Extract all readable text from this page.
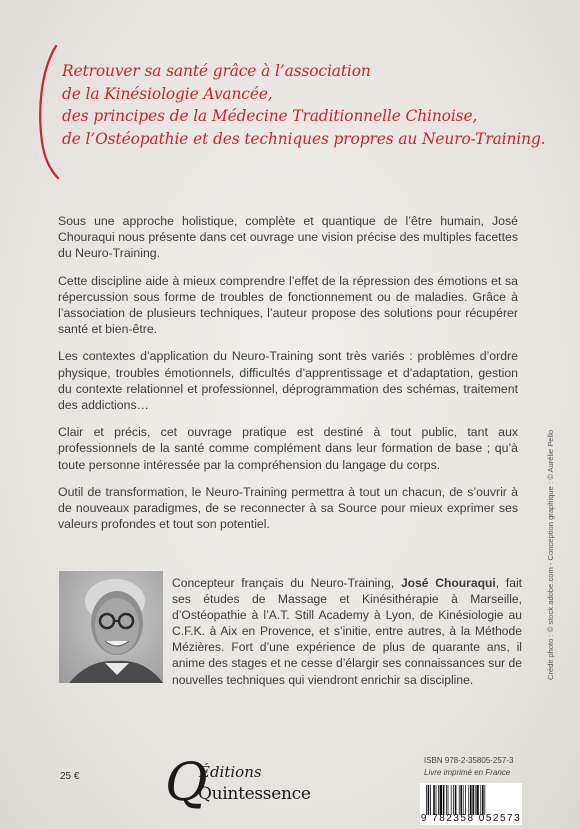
Retrouver sa santé grâce à l’association
de la Kinésiologie Avancée,
des principes de la Médecine Traditionnelle Chinoise,
de l’Ostéopathie et des techniques propres au Neuro-Training.

Sous une approche holistique, complète et quantique de l’être humain, José Chouraqui nous présente dans cet ouvrage une vision précise des multiples facettes du Neuro-Training.

Cette discipline aide à mieux comprendre l’effet de la répression des émotions et sa répercussion sous forme de troubles de fonctionnement ou de maladies. Grâce à l’association de plusieurs techniques, l’auteur propose des solutions pour récupérer santé et bien-être.

Les contextes d’application du Neuro-Training sont très variés : problèmes d’ordre physique, troubles émotionnels, difficultés d’apprentissage et d’adaptation, gestion du contexte relationnel et professionnel, déprogrammation des schémas, traitement des addictions…

Clair et précis, cet ouvrage pratique est destiné à tout public, tant aux professionnels de la santé comme complément dans leur formation de base ; qu’à toute personne intéressée par la compréhension du langage du corps.

Outil de transformation, le Neuro-Training permettra à tout un chacun, de s’ouvrir à de nouveaux paradigmes, de se reconnecter à sa Source pour mieux exprimer ses valeurs profondes et tout son potentiel.

Concepteur français du Neuro-Training, José Chouraqui, fait ses études de Massage et Kinésithérapie à Marseille, d’Ostéopathie à l’A.T. Still Academy à Lyon, de Kinésiologie au C.F.K. à Aix en Provence, et s’initie, entre autres, à la Méthode Mézières. Fort d’une expérience de plus de quarante ans, il anime des stages et ne cesse d’élargir ses connaissances sur de nouvelles techniques qui viendront enrichir sa discipline.	Crédit photo : © stock.adobe.com - Conception graphique : © Aurélie Pello
ISBN 978-2-35805-257-3
Livre imprimé en France
25 € Q
Éditions
Quintessence
9 782358 052573
